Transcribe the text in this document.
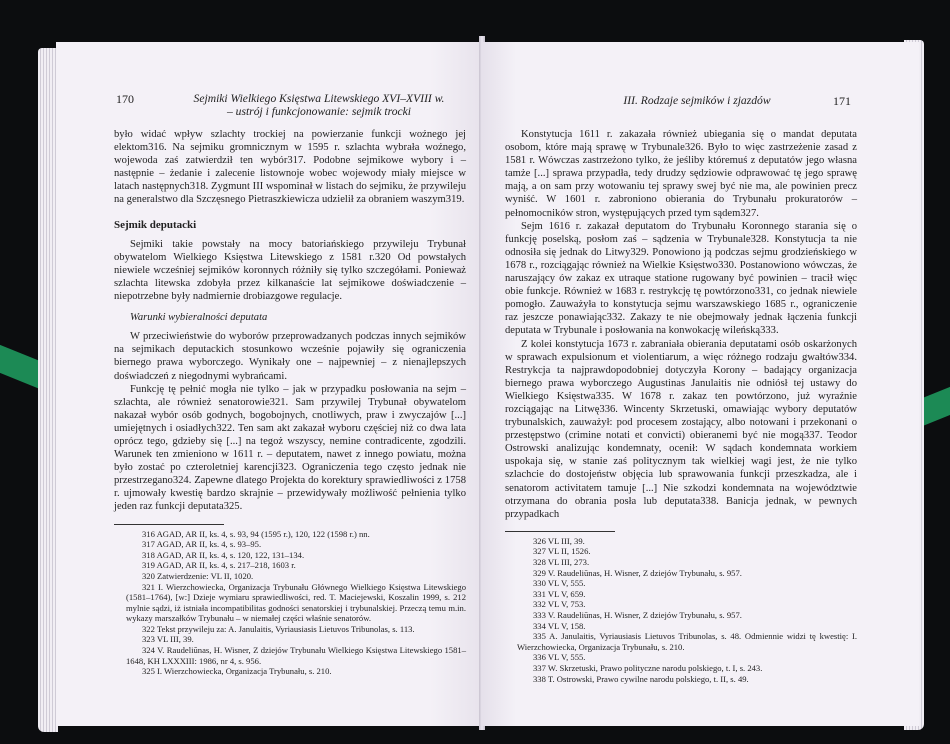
170	Sejmiki Wielkiego Księstwa Litewskiego XVI–XVIII w.
– ustrój i funkcjonowanie: sejmik trocki

było widać wpływ szlachty trockiej na powierzanie funkcji woźnego jej elektom316. Na sejmiku gromnicznym w 1595 r. szlachta wybrała woźnego, wojewoda zaś zatwierdził ten wybór317. Podobne sejmikowe wybory i – następnie – żedanie i zalecenie listownoje wobec wojewody miały miejsce w latach następnych318. Zygmunt III wspominał w listach do sejmiku, że przywileju na generalstwo dla Szczęsnego Pietraszkiewicza udzielił za obraniem waszym319.

Sejmik deputacki

Sejmiki takie powstały na mocy batoriańskiego przywileju Trybunał obywatelom Wielkiego Księstwa Litewskiego z 1581 r.320 Od powstałych niewiele wcześniej sejmików koronnych różniły się tylko szczegółami. Ponieważ szlachta litewska zdobyła przez kilkanaście lat sejmikowe doświadczenie – niepotrzebne były nadmiernie drobiazgowe regulacje.

Warunki wybieralności deputata

W przeciwieństwie do wyborów przeprowadzanych podczas innych sejmików na sejmikach deputackich stosunkowo wcześnie pojawiły się ograniczenia biernego prawa wyborczego. Wynikały one – najpewniej – z nienajlepszych doświadczeń z niegodnymi wybrańcami.

Funkcję tę pełnić mogła nie tylko – jak w przypadku posłowania na sejm – szlachta, ale również senatorowie321. Sam przywilej Trybunał obywatelom nakazał wybór osób godnych, bogobojnych, cnotliwych, praw i zwyczajów [...] umiejętnych i osiadłych322. Ten sam akt zakazał wyboru częściej niż co dwa lata oprócz tego, gdzieby się [...] na tegoż wszyscy, nemine contradicente, zgodzili. Warunek ten zmieniono w 1611 r. – deputatem, nawet z innego powiatu, można było zostać po czteroletniej karencji323. Ograniczenia tego często jednak nie przestrzegano324. Zapewne dlatego Projekta do korektury sprawiedliwości z 1758 r. ujmowały kwestię bardzo skrajnie – przewidywały możliwość pełnienia tylko jeden raz funkcji deputata325.

316 AGAD, AR II, ks. 4, s. 93, 94 (1595 r.), 120, 122 (1598 r.) nn.

317 AGAD, AR II, ks. 4, s. 93–95.

318 AGAD, AR II, ks. 4, s. 120, 122, 131–134.

319 AGAD, AR II, ks. 4, s. 217–218, 1603 r.

320 Zatwierdzenie: VL II, 1020.

321 I. Wierzchowiecka, Organizacja Trybunału Głównego Wielkiego Księstwa Litewskiego (1581–1764), [w:] Dzieje wymiaru sprawiedliwości, red. T. Maciejewski, Koszalin 1999, s. 212 mylnie sądzi, iż istniała incompatibilitas godności senatorskiej i trybunalskiej. Przeczą temu m.in. wykazy marszałków Trybunału – w niemałej części właśnie senatorów.

322 Tekst przywileju za: A. Janulaitis, Vyriausiasis Lietuvos Tribunolas, s. 113.

323 VL III, 39.

324 V. Raudeliūnas, H. Wisner, Z dziejów Trybunału Wielkiego Księstwa Litewskiego 1581–1648, KH LXXXIII: 1986, nr 4, s. 956.

325 I. Wierzchowiecka, Organizacja Trybunału, s. 210.

III. Rodzaje sejmików i zjazdów	171

Konstytucja 1611 r. zakazała również ubiegania się o mandat deputata osobom, które mają sprawę w Trybunale326. Było to więc zastrzeżenie zasad z 1581 r. Wówczas zastrzeżono tylko, że jeśliby któremuś z deputatów jego własna tamże [...] sprawa przypadła, tedy drudzy sędziowie odprawować tę jego sprawę mają, a on sam przy wotowaniu tej sprawy swej być nie ma, ale powinien precz wyniść. W 1601 r. zabroniono obierania do Trybunału prokuratorów – pełnomocników stron, występujących przed tym sądem327.

Sejm 1616 r. zakazał deputatom do Trybunału Koronnego starania się o funkcję poselską, posłom zaś – sądzenia w Trybunale328. Konstytucja ta nie odnosiła się jednak do Litwy329. Ponowiono ją podczas sejmu grodzieńskiego w 1678 r., rozciągając również na Wielkie Księstwo330. Postanowiono wówczas, że naruszający ów zakaz ex utraque statione rugowany być powinien – tracił więc obie funkcje. Również w 1683 r. restrykcję tę powtórzono331, co jednak niewiele pomogło. Zauważyła to konstytucja sejmu warszawskiego 1685 r., ograniczenie raz jeszcze ponawiając332. Zakazy te nie obejmowały jednak łączenia funkcji deputata w Trybunale i posłowania na konwokację wileńską333.

Z kolei konstytucja 1673 r. zabraniała obierania deputatami osób oskarżonych w sprawach expulsionum et violentiarum, a więc różnego rodzaju gwałtów334. Restrykcja ta najprawdopodobniej dotyczyła Korony – badający organizacja biernego prawa wyborczego Augustinas Janulaitis nie odniósł tej ustawy do Wielkiego Księstwa335. W 1678 r. zakaz ten powtórzono, już wyraźnie rozciągając na Litwę336. Wincenty Skrzetuski, omawiając wybory deputatów trybunalskich, zauważył: pod procesem zostający, albo notowani i przekonani o przestępstwo (crimine notati et convicti) obieranemi być nie mogą337. Teodor Ostrowski analizując kondemnaty, ocenił: W sądach kondemnata workiem uspokaja się, w stanie zaś politycznym tak wielkiej wagi jest, że nie tylko szlachcie do dostojeństw objęcia lub sprawowania funkcji przeszkadza, ale i senatorom activitatem tamuje [...] Nie szkodzi kondemnata na województwie otrzymana do obrania posła lub deputata338. Banicja jednak, w pewnych przypadkach

326 VL III, 39.

327 VL II, 1526.

328 VL III, 273.

329 V. Raudeliūnas, H. Wisner, Z dziejów Trybunału, s. 957.

330 VL V, 555.

331 VL V, 659.

332 VL V, 753.

333 V. Raudeliūnas, H. Wisner, Z dziejów Trybunału, s. 957.

334 VL V, 158.

335 A. Janulaitis, Vyriausiasis Lietuvos Tribunolas, s. 48. Odmiennie widzi tę kwestię: I. Wierzchowiecka, Organizacja Trybunału, s. 210.

336 VL V, 555.

337 W. Skrzetuski, Prawo polityczne narodu polskiego, t. I, s. 243.

338 T. Ostrowski, Prawo cywilne narodu polskiego, t. II, s. 49.
